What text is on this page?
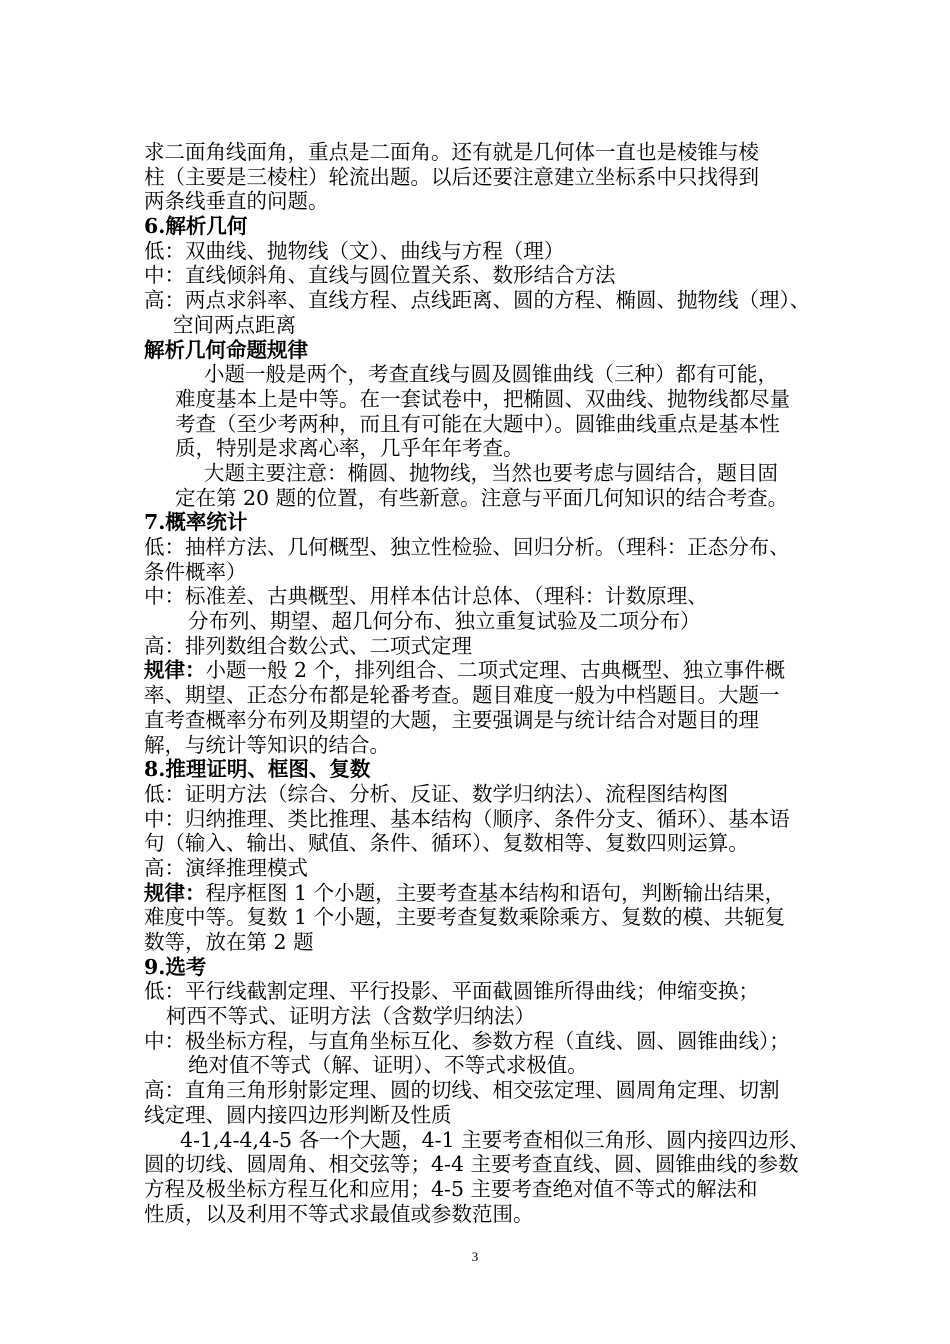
求二面角线面角，重点是二面角。还有就是几何体一直也是棱锥与棱
柱（主要是三棱柱）轮流出题。以后还要注意建立坐标系中只找得到
两条线垂直的问题。
6.解析几何
低：双曲线、抛物线（文）、曲线与方程（理）
中：直线倾斜角、直线与圆位置关系、数形结合方法
高：两点求斜率、直线方程、点线距离、圆的方程、椭圆、抛物线（理）、
空间两点距离
解析几何命题规律
小题一般是两个，考查直线与圆及圆锥曲线（三种）都有可能，
难度基本上是中等。在一套试卷中，把椭圆、双曲线、抛物线都尽量
考查（至少考两种，而且有可能在大题中）。圆锥曲线重点是基本性
质，特别是求离心率，几乎年年考查。
大题主要注意：椭圆、抛物线，当然也要考虑与圆结合，题目固
定在第 20 题的位置，有些新意。注意与平面几何知识的结合考查。
7.概率统计
低：抽样方法、几何概型、独立性检验、回归分析。（理科：正态分布、
条件概率）
中：标准差、古典概型、用样本估计总体、（理科：计数原理、
分布列、期望、超几何分布、独立重复试验及二项分布）
高：排列数组合数公式、二项式定理
规律：小题一般 2 个，排列组合、二项式定理、古典概型、独立事件概
率、期望、正态分布都是轮番考查。题目难度一般为中档题目。大题一
直考查概率分布列及期望的大题，主要强调是与统计结合对题目的理
解，与统计等知识的结合。
8.推理证明、框图、复数
低：证明方法（综合、分析、反证、数学归纳法）、流程图结构图
中：归纳推理、类比推理、基本结构（顺序、条件分支、循环）、基本语
句（输入、输出、赋值、条件、循环）、复数相等、复数四则运算。
高：演绎推理模式
规律：程序框图 1 个小题，主要考查基本结构和语句，判断输出结果，
难度中等。复数 1 个小题，主要考查复数乘除乘方、复数的模、共轭复
数等，放在第 2 题
9.选考
低：平行线截割定理、平行投影、平面截圆锥所得曲线；伸缩变换；
柯西不等式、证明方法（含数学归纳法）
中：极坐标方程，与直角坐标互化、参数方程（直线、圆、圆锥曲线）；
绝对值不等式（解、证明）、不等式求极值。
高：直角三角形射影定理、圆的切线、相交弦定理、圆周角定理、切割
线定理、圆内接四边形判断及性质
4-1,4-4,4-5 各一个大题，4-1 主要考查相似三角形、圆内接四边形、
圆的切线、圆周角、相交弦等；4-4 主要考查直线、圆、圆锥曲线的参数
方程及极坐标方程互化和应用；4-5 主要考查绝对值不等式的解法和
性质，以及利用不等式求最值或参数范围。
3
